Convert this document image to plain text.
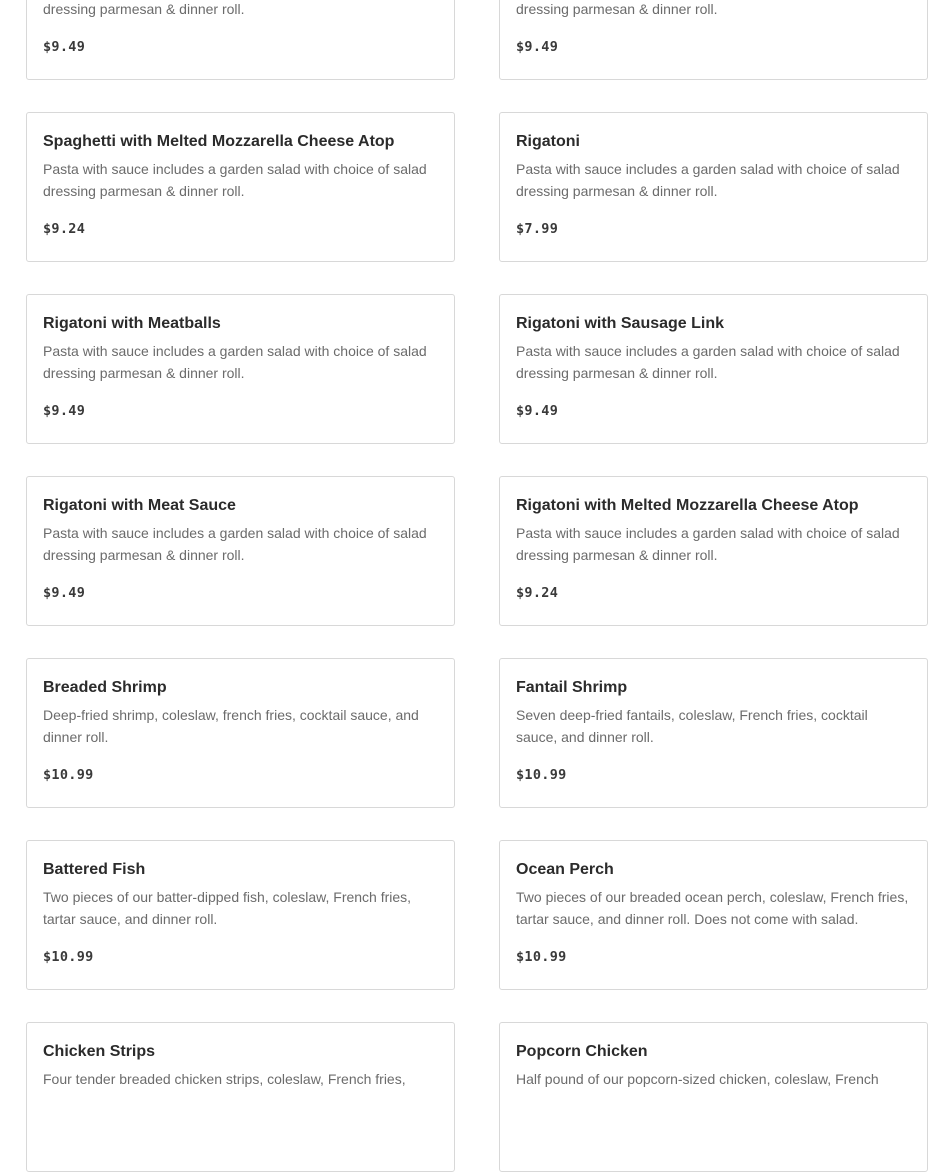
dressing parmesan & dinner roll.
$9.49
dressing parmesan & dinner roll.
$9.49
Spaghetti with Melted Mozzarella Cheese Atop
Pasta with sauce includes a garden salad with choice of salad dressing parmesan & dinner roll.
$9.24
Rigatoni
Pasta with sauce includes a garden salad with choice of salad dressing parmesan & dinner roll.
$7.99
Rigatoni with Meatballs
Pasta with sauce includes a garden salad with choice of salad dressing parmesan & dinner roll.
$9.49
Rigatoni with Sausage Link
Pasta with sauce includes a garden salad with choice of salad dressing parmesan & dinner roll.
$9.49
Rigatoni with Meat Sauce
Pasta with sauce includes a garden salad with choice of salad dressing parmesan & dinner roll.
$9.49
Rigatoni with Melted Mozzarella Cheese Atop
Pasta with sauce includes a garden salad with choice of salad dressing parmesan & dinner roll.
$9.24
Breaded Shrimp
Deep-fried shrimp, coleslaw, french fries, cocktail sauce, and dinner roll.
$10.99
Fantail Shrimp
Seven deep-fried fantails, coleslaw, French fries, cocktail sauce, and dinner roll.
$10.99
Battered Fish
Two pieces of our batter-dipped fish, coleslaw, French fries, tartar sauce, and dinner roll.
$10.99
Ocean Perch
Two pieces of our breaded ocean perch, coleslaw, French fries, tartar sauce, and dinner roll. Does not come with salad.
$10.99
Chicken Strips
Four tender breaded chicken strips, coleslaw, French fries,
Popcorn Chicken
Half pound of our popcorn-sized chicken, coleslaw, French
